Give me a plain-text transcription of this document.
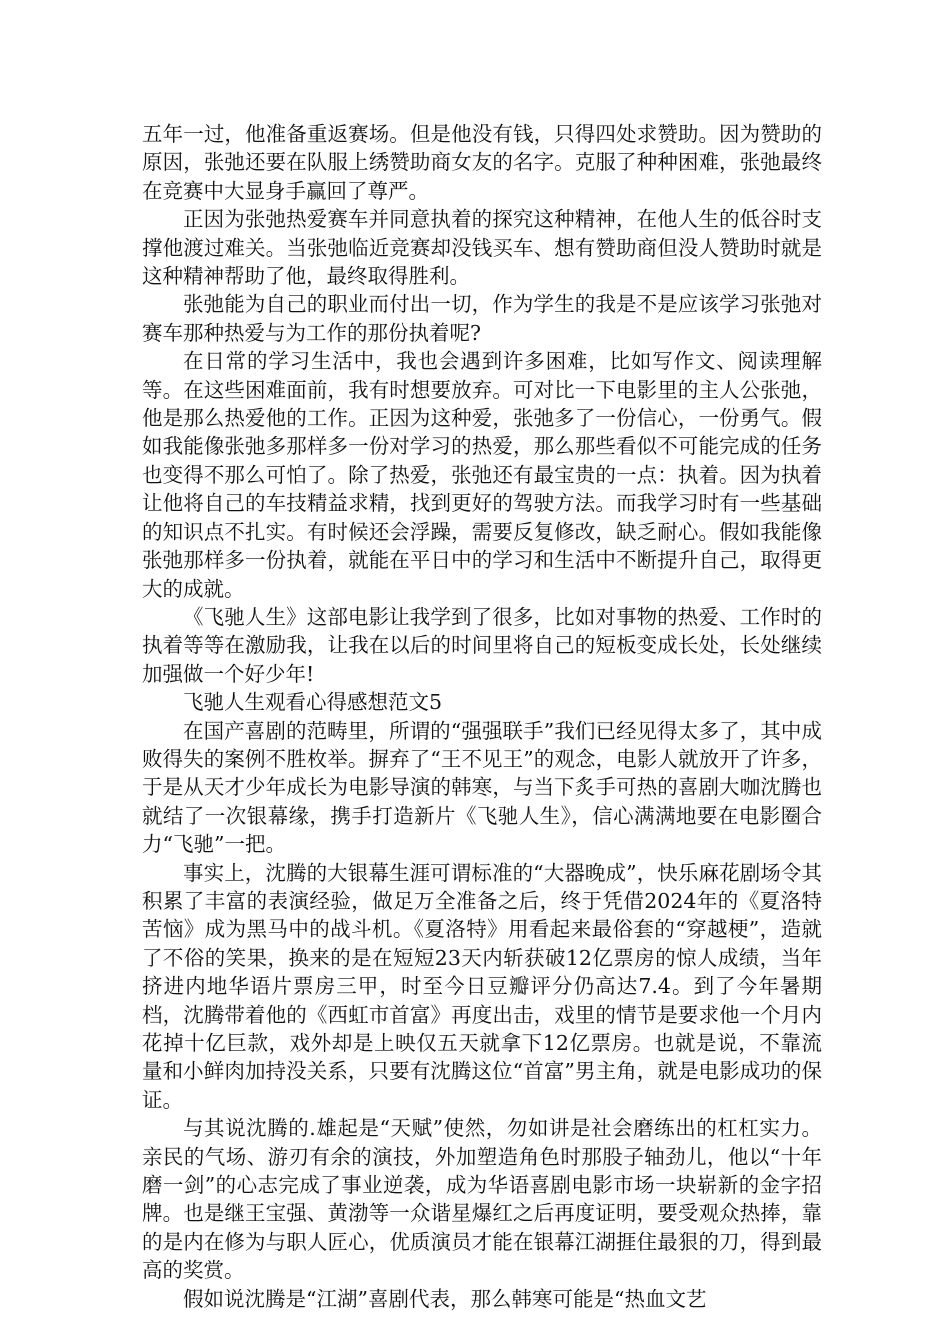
五年一过，他准备重返赛场。但是他没有钱，只得四处求赞助。因为赞助的原因，张弛还要在队服上绣赞助商女友的名字。克服了种种困难，张弛最终在竞赛中大显身手赢回了尊严。

正因为张弛热爱赛车并同意执着的探究这种精神，在他人生的低谷时支撑他渡过难关。当张弛临近竞赛却没钱买车、想有赞助商但没人赞助时就是这种精神帮助了他，最终取得胜利。

张弛能为自己的职业而付出一切，作为学生的我是不是应该学习张弛对赛车那种热爱与为工作的那份执着呢?

在日常的学习生活中，我也会遇到许多困难，比如写作文、阅读理解等。在这些困难面前，我有时想要放弃。可对比一下电影里的主人公张弛，他是那么热爱他的工作。正因为这种爱，张弛多了一份信心，一份勇气。假如我能像张弛多那样多一份对学习的热爱，那么那些看似不可能完成的任务也变得不那么可怕了。除了热爱，张弛还有最宝贵的一点：执着。因为执着让他将自己的车技精益求精，找到更好的驾驶方法。而我学习时有一些基础的知识点不扎实。有时候还会浮躁，需要反复修改，缺乏耐心。假如我能像张弛那样多一份执着，就能在平日中的学习和生活中不断提升自己，取得更大的成就。

《飞驰人生》这部电影让我学到了很多，比如对事物的热爱、工作时的执着等等在激励我，让我在以后的时间里将自己的短板变成长处，长处继续加强做一个好少年!

飞驰人生观看心得感想范文5

在国产喜剧的范畴里，所谓的“强强联手”我们已经见得太多了，其中成败得失的案例不胜枚举。摒弃了“王不见王”的观念，电影人就放开了许多，于是从天才少年成长为电影导演的韩寒，与当下炙手可热的喜剧大咖沈腾也就结了一次银幕缘，携手打造新片《飞驰人生》，信心满满地要在电影圈合力“飞驰”一把。

事实上，沈腾的大银幕生涯可谓标准的“大器晚成”，快乐麻花剧场令其积累了丰富的表演经验，做足万全准备之后，终于凭借2024年的《夏洛特苦恼》成为黑马中的战斗机。《夏洛特》用看起来最俗套的“穿越梗”，造就了不俗的笑果，换来的是在短短23天内斩获破12亿票房的惊人成绩，当年挤进内地华语片票房三甲，时至今日豆瓣评分仍高达7.4。到了今年暑期档，沈腾带着他的《西虹市首富》再度出击，戏里的情节是要求他一个月内花掉十亿巨款，戏外却是上映仅五天就拿下12亿票房。也就是说，不靠流量和小鲜肉加持没关系，只要有沈腾这位“首富”男主角，就是电影成功的保证。

与其说沈腾的.雄起是“天赋”使然，勿如讲是社会磨练出的杠杠实力。亲民的气场、游刃有余的演技，外加塑造角色时那股子轴劲儿，他以“十年磨一剑”的心志完成了事业逆袭，成为华语喜剧电影市场一块崭新的金字招牌。也是继王宝强、黄渤等一众谐星爆红之后再度证明，要受观众热捧，靠的是内在修为与职人匠心，优质演员才能在银幕江湖捱住最狠的刀，得到最高的奖赏。

假如说沈腾是“江湖”喜剧代表，那么韩寒可能是“热血文艺
